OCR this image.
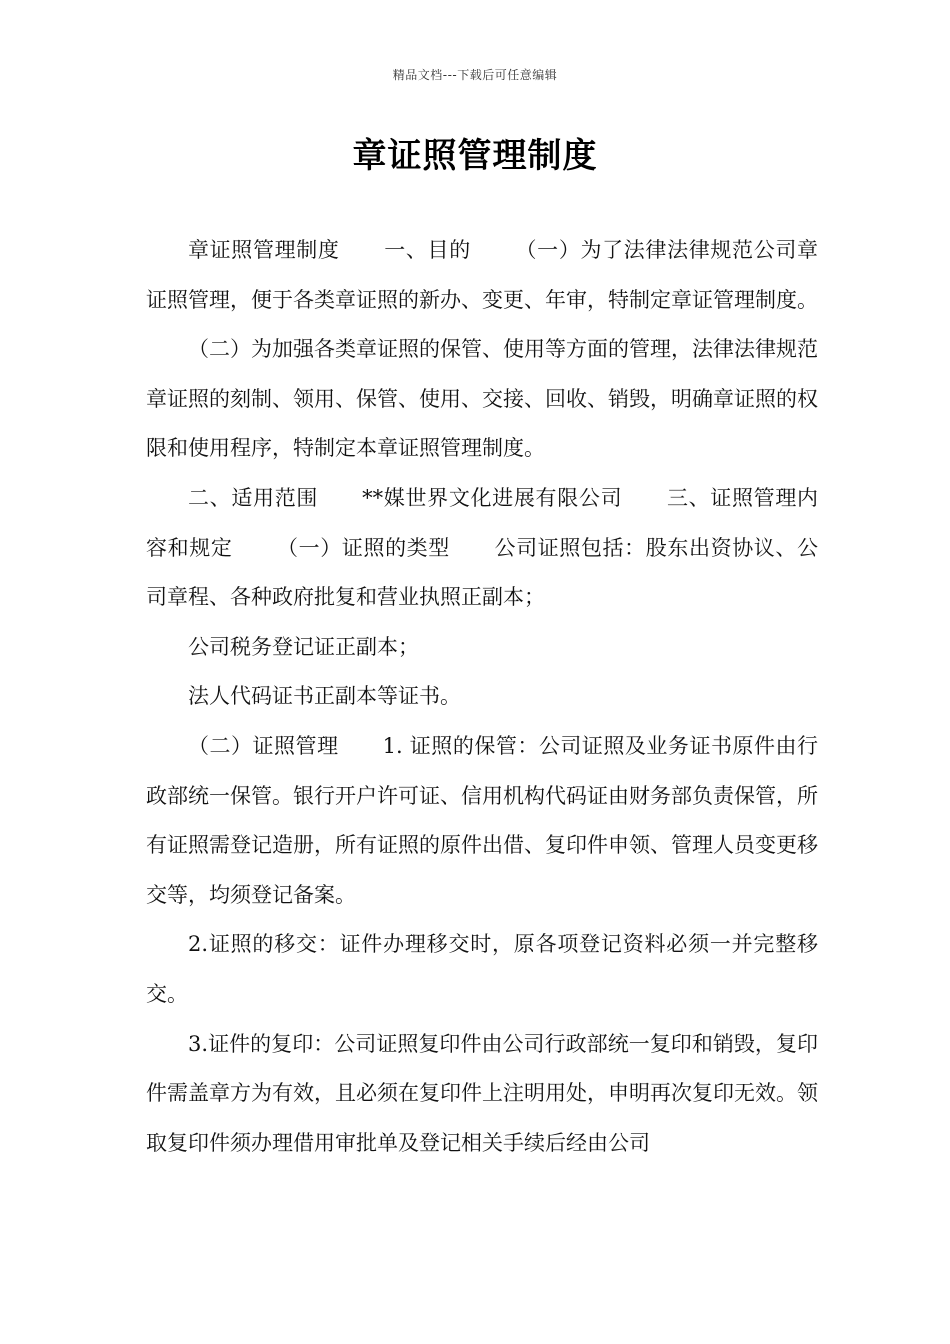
精品文档---下载后可任意编辑
章证照管理制度

章证照管理制度 一、目的 （一）为了法律法律规范公司章证照管理，便于各类章证照的新办、变更、年审，特制定章证管理制度。

（二）为加强各类章证照的保管、使用等方面的管理，法律法律规范章证照的刻制、领用、保管、使用、交接、回收、销毁，明确章证照的权限和使用程序，特制定本章证照管理制度。

二、适用范围 **媒世界文化进展有限公司 三、证照管理内容和规定 （一）证照的类型 公司证照包括：股东出资协议、公司章程、各种政府批复和营业执照正副本；

公司税务登记证正副本；

法人代码证书正副本等证书。

（二）证照管理 1. 证照的保管：公司证照及业务证书原件由行政部统一保管。银行开户许可证、信用机构代码证由财务部负责保管，所有证照需登记造册，所有证照的原件出借、复印件申领、管理人员变更移交等，均须登记备案。

2.证照的移交：证件办理移交时，原各项登记资料必须一并完整移交。

3.证件的复印：公司证照复印件由公司行政部统一复印和销毁，复印件需盖章方为有效，且必须在复印件上注明用处，申明再次复印无效。领取复印件须办理借用审批单及登记相关手续后经由公司
